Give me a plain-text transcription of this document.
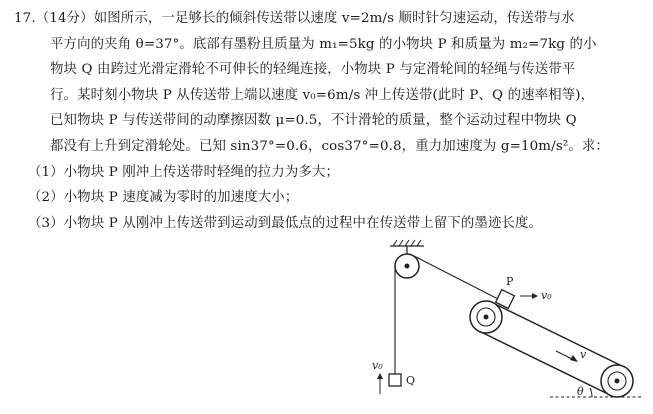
17.（14分）如图所示，一足够长的倾斜传送带以速度 v=2m/s 顺时针匀速运动，传送带与水
平方向的夹角 θ=37°。底部有墨粉且质量为 m₁=5kg 的小物块 P 和质量为 m₂=7kg 的小
物块 Q 由跨过光滑定滑轮不可伸长的轻绳连接，小物块 P 与定滑轮间的轻绳与传送带平
行。某时刻小物块 P 从传送带上端以速度 v₀=6m/s 冲上传送带(此时 P、Q 的速率相等)，
已知物块 P 与传送带间的动摩擦因数 μ=0.5，不计滑轮的质量，整个运动过程中物块 Q
都没有上升到定滑轮处。已知 sin37°=0.6，cos37°=0.8，重力加速度为 g=10m/s²。求：
（1）小物块 P 刚冲上传送带时轻绳的拉力为多大；
（2）小物块 P 速度减为零时的加速度大小；
（3）小物块 P 从刚冲上传送带到运动到最低点的过程中在传送带上留下的墨迹长度。
v
P
v₀
Q
v₀
θ
